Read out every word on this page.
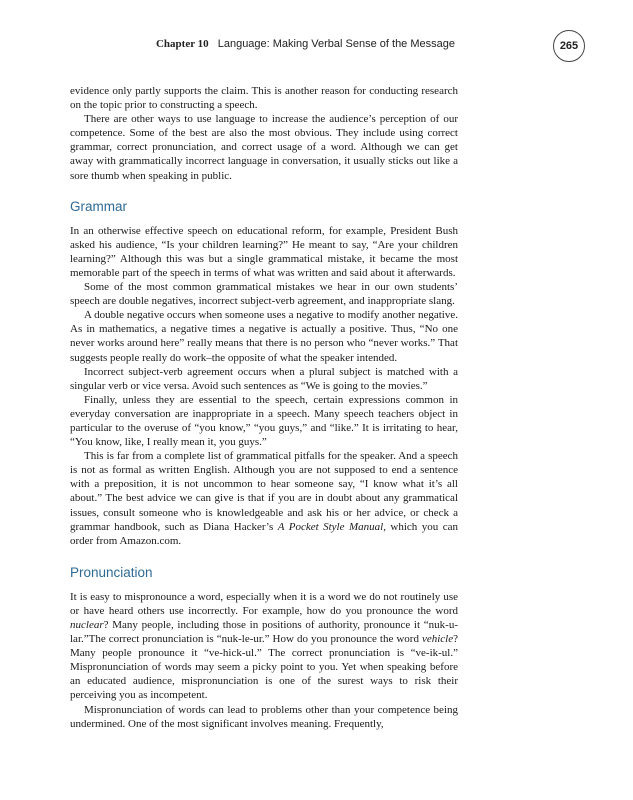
Chapter 10 Language: Making Verbal Sense of the Message	265

evidence only partly supports the claim. This is another reason for conducting research on the topic prior to constructing a speech.

There are other ways to use language to increase the audience’s perception of our competence. Some of the best are also the most obvious. They include using correct grammar, correct pronunciation, and correct usage of a word. Although we can get away with grammatically incorrect language in conversation, it usually sticks out like a sore thumb when speaking in public.

Grammar

In an otherwise effective speech on educational reform, for example, President Bush asked his audience, “Is your children learning?” He meant to say, “Are your children learning?” Although this was but a single grammatical mistake, it became the most memorable part of the speech in terms of what was written and said about it afterwards.

Some of the most common grammatical mistakes we hear in our own students’ speech are double negatives, incorrect subject-verb agreement, and inappropriate slang.

A double negative occurs when someone uses a negative to modify another negative. As in mathematics, a negative times a negative is actually a positive. Thus, “No one never works around here” really means that there is no person who “never works.” That suggests people really do work–the opposite of what the speaker intended.

Incorrect subject-verb agreement occurs when a plural subject is matched with a singular verb or vice versa. Avoid such sentences as “We is going to the movies.”

Finally, unless they are essential to the speech, certain expressions common in everyday conversation are inappropriate in a speech. Many speech teachers object in particular to the overuse of “you know,” “you guys,” and “like.” It is irritating to hear, “You know, like, I really mean it, you guys.”

This is far from a complete list of grammatical pitfalls for the speaker. And a speech is not as formal as written English. Although you are not supposed to end a sentence with a preposition, it is not uncommon to hear someone say, “I know what it’s all about.” The best advice we can give is that if you are in doubt about any grammatical issues, consult someone who is knowledgeable and ask his or her advice, or check a grammar handbook, such as Diana Hacker’s A Pocket Style Manual, which you can order from Amazon.com.

Pronunciation

It is easy to mispronounce a word, especially when it is a word we do not routinely use or have heard others use incorrectly. For example, how do you pronounce the word nuclear? Many people, including those in positions of authority, pronounce it “nuk-u-lar.”The correct pronunciation is “nuk-le-ur.” How do you pronounce the word vehicle? Many people pronounce it “ve-hick-ul.” The correct pronunciation is “ve-ik-ul.” Mispronunciation of words may seem a picky point to you. Yet when speaking before an educated audience, mispronunciation is one of the surest ways to risk their perceiving you as incompetent.

Mispronunciation of words can lead to problems other than your competence being undermined. One of the most significant involves meaning. Frequently,
